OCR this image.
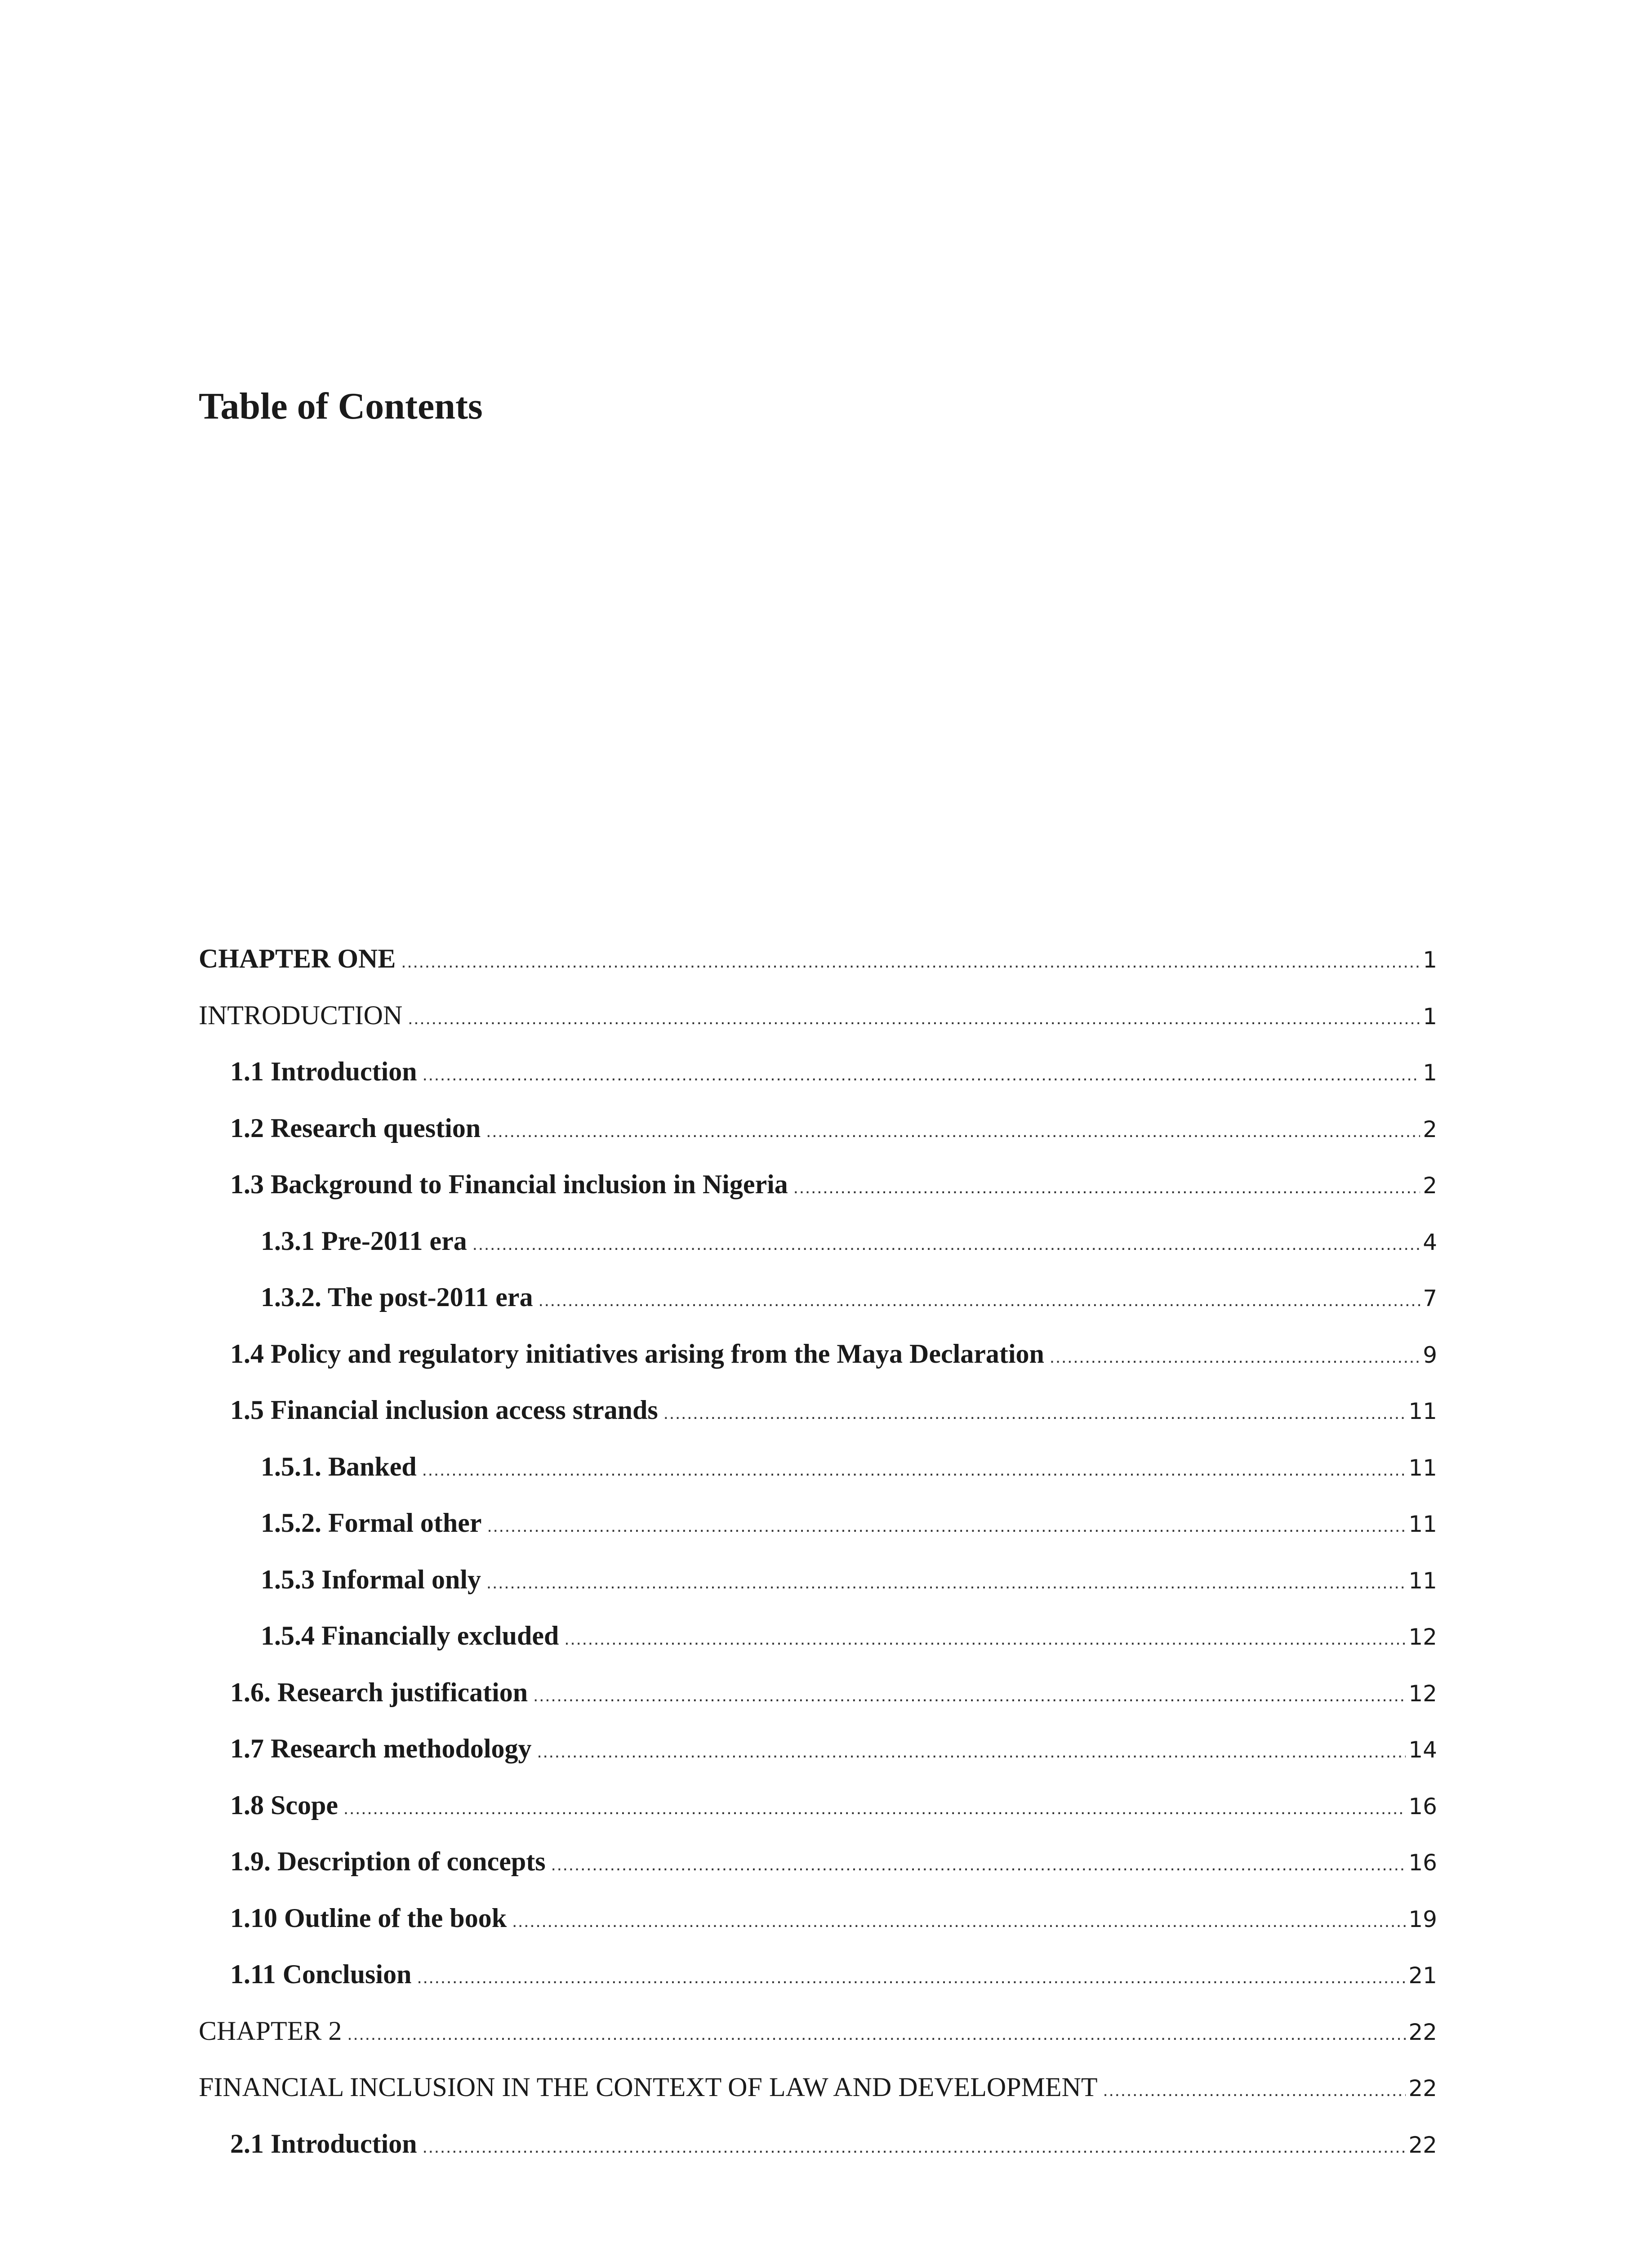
Table of Contents
CHAPTER ONE .....	1
INTRODUCTION .....	1
1.1 Introduction .....	1
1.2 Research question .....	2
1.3 Background to Financial inclusion in Nigeria .....	2
1.3.1 Pre-2011 era .....	4
1.3.2. The post-2011 era .....	7
1.4 Policy and regulatory initiatives arising from the Maya Declaration .....	9
1.5 Financial inclusion access strands .....	11
1.5.1. Banked .....	11
1.5.2. Formal other .....	11
1.5.3 Informal only .....	11
1.5.4 Financially excluded .....	12
1.6. Research justification .....	12
1.7 Research methodology .....	14
1.8 Scope .....	16
1.9. Description of concepts .....	16
1.10 Outline of the book .....	19
1.11 Conclusion .....	21
CHAPTER 2 .....	22
FINANCIAL INCLUSION IN THE CONTEXT OF LAW AND DEVELOPMENT .....	22
2.1 Introduction .....	22
